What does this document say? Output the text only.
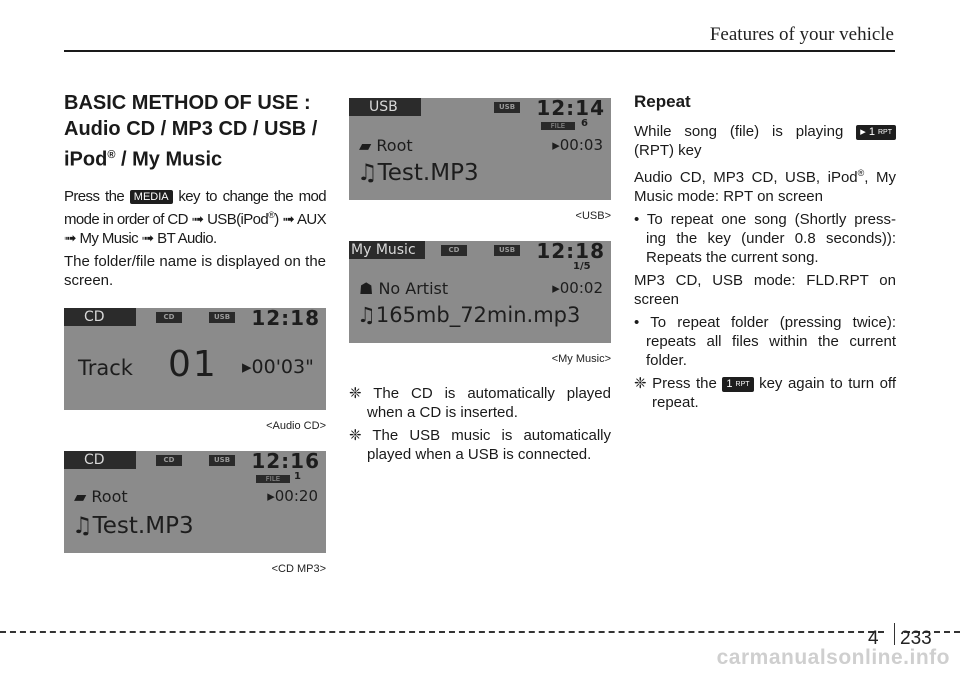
Features of your vehicle
BASIC METHOD OF USE :
Audio CD / MP3 CD / USB /
iPod® / My Music

Press the MEDIA key to change the mod mode in order of CD ➟ USB(iPod®) ➟ AUX ➟ My Music ➟ BT Audio.

The folder/file name is displayed on the screen.

CD	CD	USB 12:18
Track 01 ▸00'03"
<Audio CD>
CD	CD	USB 12:16
FILE	1
▰ Root	▸00:20
♫Test.MP3
<CD MP3>
USB	USB 12:14
FILE	6
▰ Root	▸00:03
♫Test.MP3
<USB>
My Music	CD	USB 12:18
1/5
☗ No Artist	▸00:02
♫165mb_72min.mp3
<My Music>

❈ The CD is automatically played when a CD is inserted.

❈ The USB music is automatically played when a USB is connected.

Repeat

While song (file) is playing ▸ 1 RPT (RPT) key

Audio CD, MP3 CD, USB, iPod®, My Music mode: RPT on screen

• To repeat one song (Shortly press- ing the key (under 0.8 seconds)): Repeats the current song.

MP3 CD, USB mode: FLD.RPT on screen

• To repeat folder (pressing twice): repeats all files within the current folder.

❈ Press the 1 RPT key again to turn off repeat.

4 233
carmanualsonline.info
